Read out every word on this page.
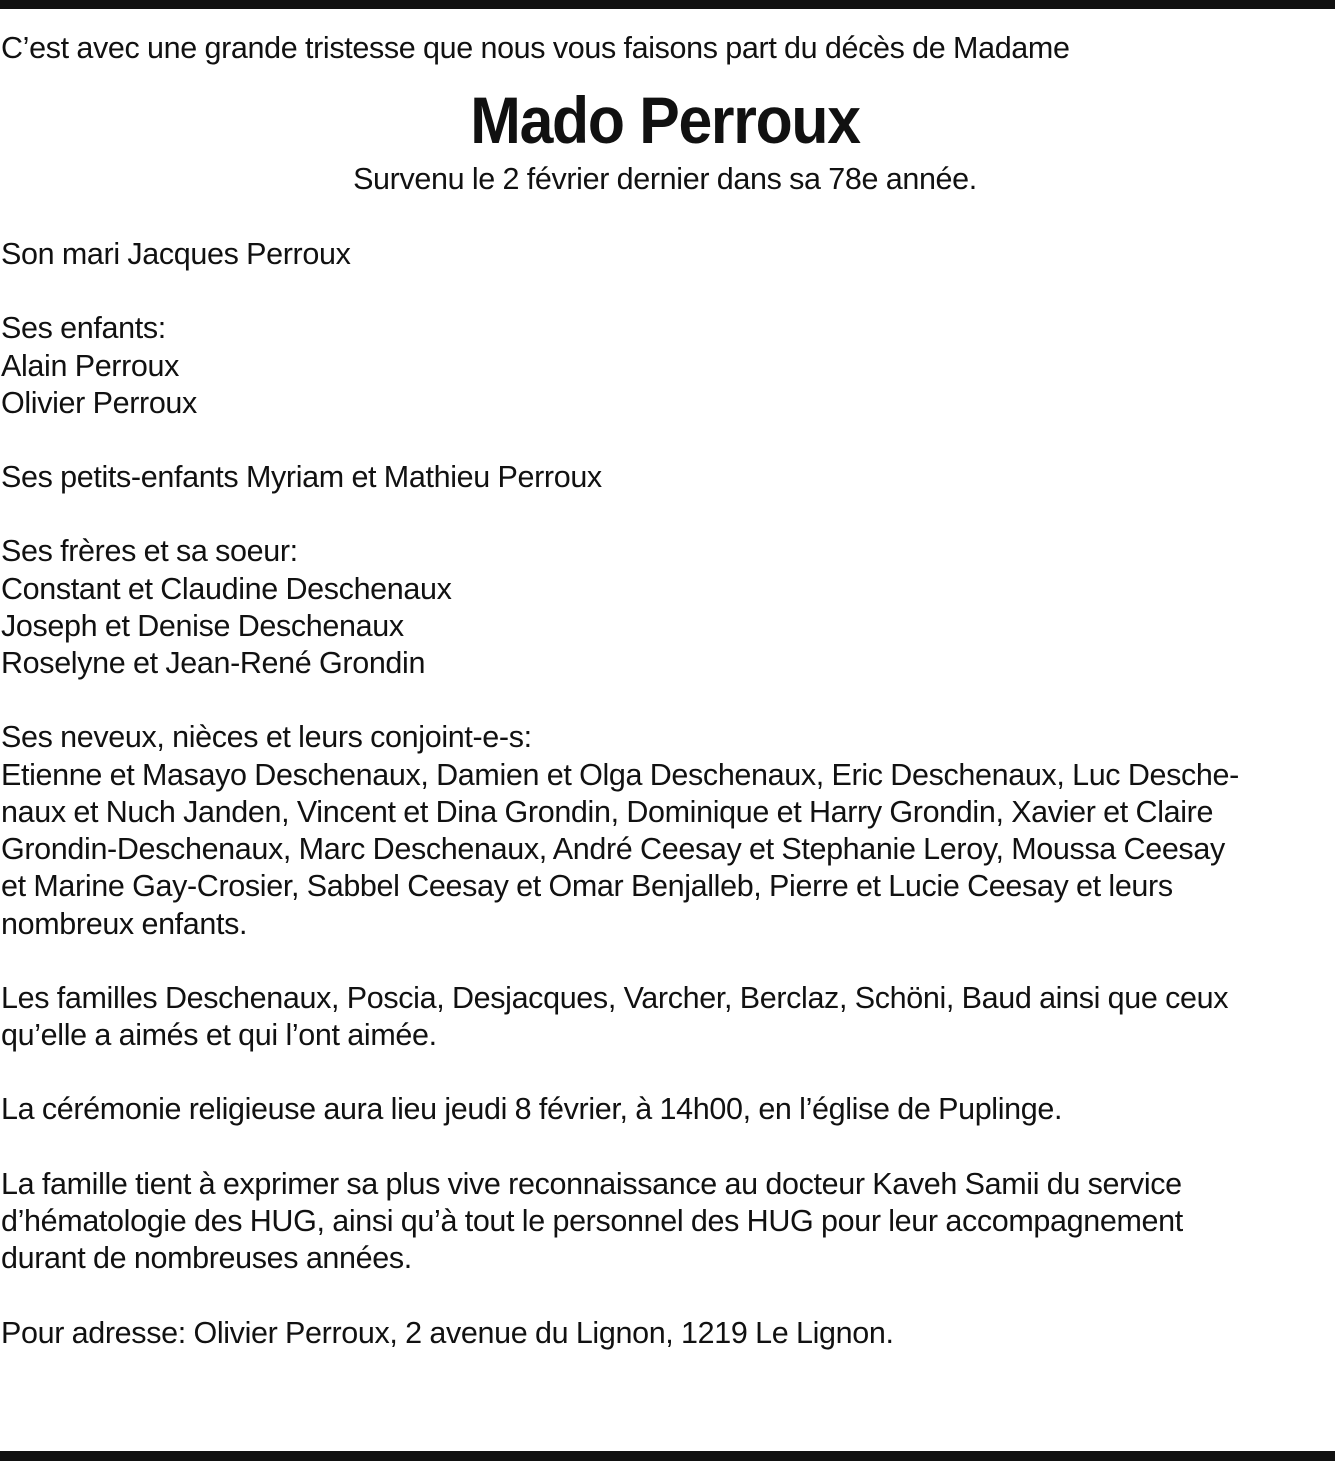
C’est avec une grande tristesse que nous vous faisons part du décès de Madame
Mado Perroux
Survenu le 2 février dernier dans sa 78e année.
Son mari Jacques Perroux
Ses enfants:
Alain Perroux
Olivier Perroux
Ses petits-enfants Myriam et Mathieu Perroux
Ses frères et sa soeur:
Constant et Claudine Deschenaux
Joseph et Denise Deschenaux
Roselyne et Jean-René Grondin
Ses neveux, nièces et leurs conjoint-e-s:
Etienne et Masayo Deschenaux, Damien et Olga Deschenaux, Eric Deschenaux, Luc Desche-
naux et Nuch Janden, Vincent et Dina Grondin, Dominique et Harry Grondin, Xavier et Claire
Grondin-Deschenaux, Marc Deschenaux, André Ceesay et Stephanie Leroy, Moussa Ceesay
et Marine Gay-Crosier, Sabbel Ceesay et Omar Benjalleb, Pierre et Lucie Ceesay et leurs
nombreux enfants.
Les familles Deschenaux, Poscia, Desjacques, Varcher, Berclaz, Schöni, Baud ainsi que ceux
qu’elle a aimés et qui l’ont aimée.
La cérémonie religieuse aura lieu jeudi 8 février, à 14h00, en l’église de Puplinge.
La famille tient à exprimer sa plus vive reconnaissance au docteur Kaveh Samii du service
d’hématologie des HUG, ainsi qu’à tout le personnel des HUG pour leur accompagnement
durant de nombreuses années.
Pour adresse: Olivier Perroux, 2 avenue du Lignon, 1219 Le Lignon.
